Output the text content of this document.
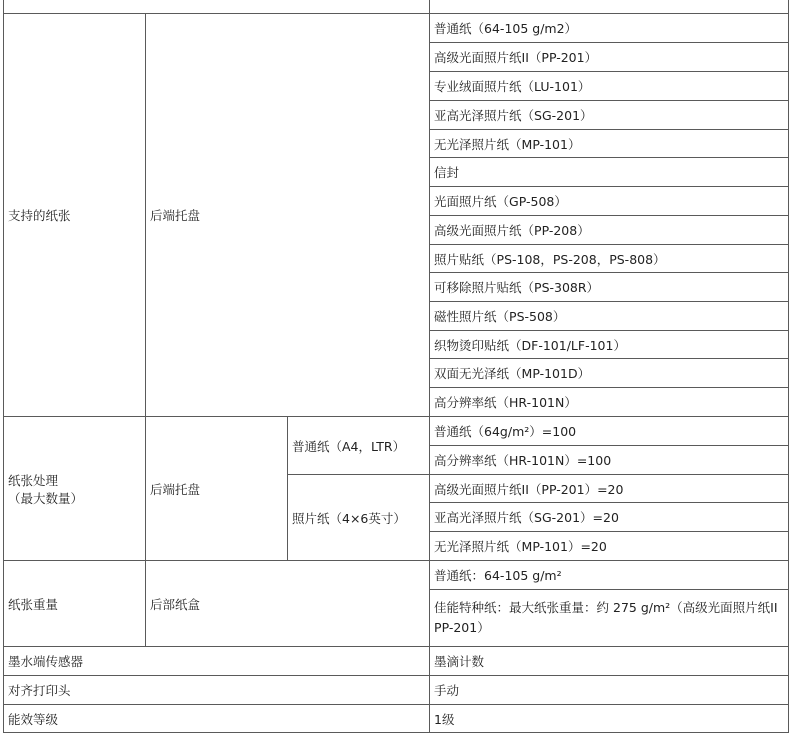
支持的纸张	后端托盘		普通纸（64-105 g/m2）
			高级光面照片纸II（PP-201）
			专业绒面照片纸（LU-101）
			亚高光泽照片纸（SG-201）
			无光泽照片纸（MP-101）
			信封
			光面照片纸（GP-508）
			高级光面照片纸（PP-208）
			照片贴纸（PS-108，PS-208，PS-808）
			可移除照片贴纸（PS-308R）
			磁性照片纸（PS-508）
			织物烫印贴纸（DF-101/LF-101）
			双面无光泽纸（MP-101D）
			高分辨率纸（HR-101N）

纸张处理
（最大数量）	后端托盘	普通纸（A4，LTR）	普通纸（64g/m²）=100
			高分辨率纸（HR-101N）=100
		照片纸（4×6英寸）	高级光面照片纸II（PP-201）=20
			亚高光泽照片纸（SG-201）=20
			无光泽照片纸（MP-101）=20
纸张重量	后部纸盒		普通纸：64-105 g/m²
			佳能特种纸：最大纸张重量：约 275 g/m²（高级光面照片纸II PP-201）
墨水端传感器			墨滴计数
对齐打印头			手动
能效等级			1级
